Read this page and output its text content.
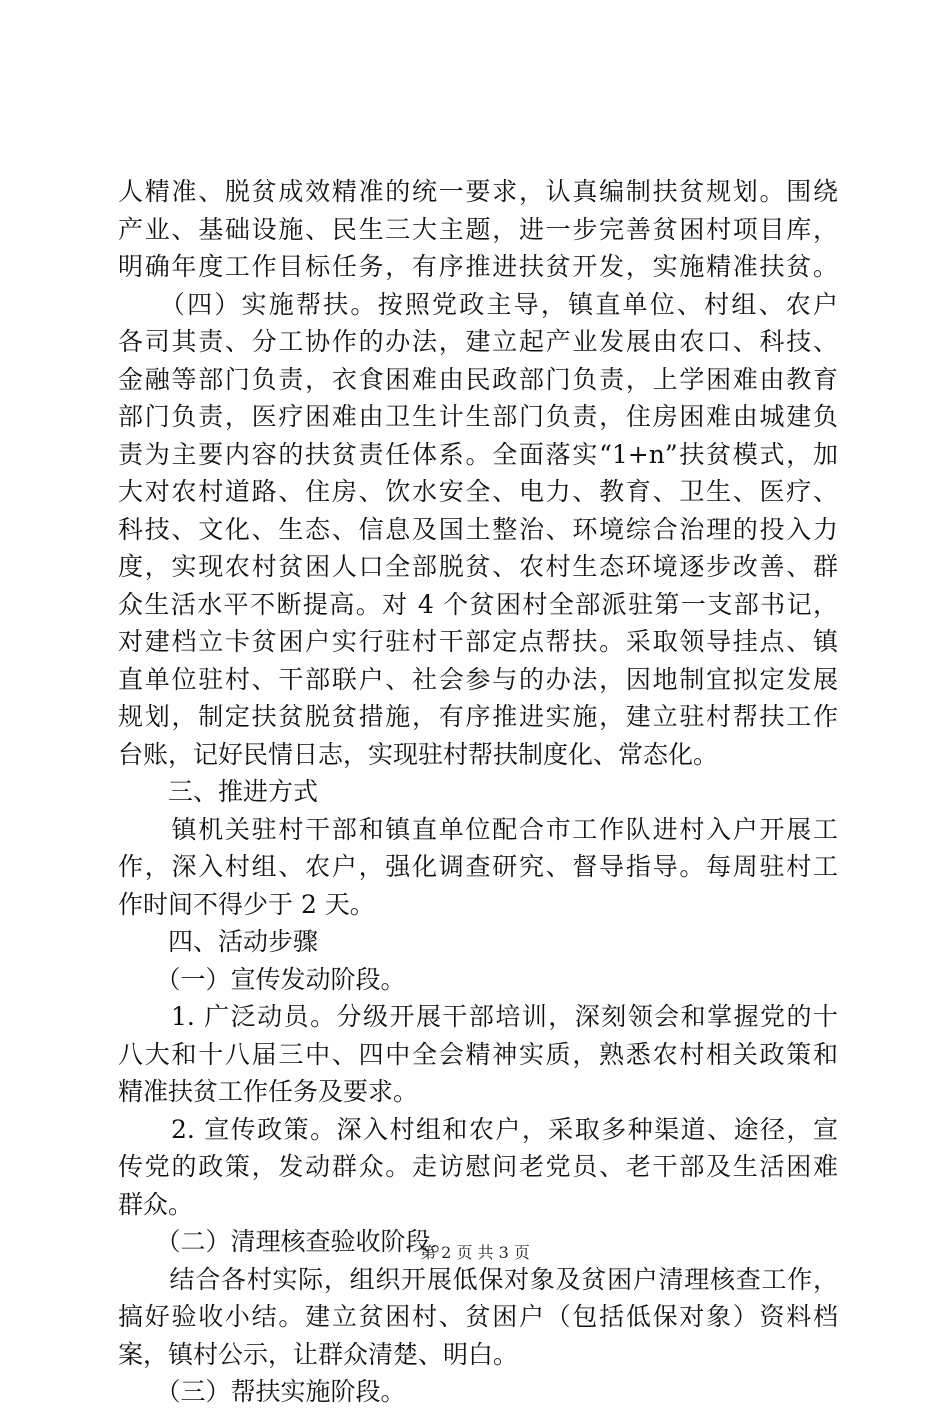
人精准、脱贫成效精准的统一要求，认真编制扶贫规划。围绕
产业、基础设施、民生三大主题，进一步完善贫困村项目库，
明确年度工作目标任务，有序推进扶贫开发，实施精准扶贫。
　　（四）实施帮扶。按照党政主导，镇直单位、村组、农户
各司其责、分工协作的办法，建立起产业发展由农口、科技、
金融等部门负责，衣食困难由民政部门负责，上学困难由教育
部门负责，医疗困难由卫生计生部门负责，住房困难由城建负
责为主要内容的扶贫责任体系。全面落实“1+n”扶贫模式，加
大对农村道路、住房、饮水安全、电力、教育、卫生、医疗、
科技、文化、生态、信息及国土整治、环境综合治理的投入力
度，实现农村贫困人口全部脱贫、农村生态环境逐步改善、群
众生活水平不断提高。对 4 个贫困村全部派驻第一支部书记，
对建档立卡贫困户实行驻村干部定点帮扶。采取领导挂点、镇
直单位驻村、干部联户、社会参与的办法，因地制宜拟定发展
规划，制定扶贫脱贫措施，有序推进实施，建立驻村帮扶工作
台账，记好民情日志，实现驻村帮扶制度化、常态化。
　　三、推进方式
　　镇机关驻村干部和镇直单位配合市工作队进村入户开展工
作，深入村组、农户，强化调查研究、督导指导。每周驻村工
作时间不得少于 2 天。
　　四、活动步骤
　　（一）宣传发动阶段。
　　1. 广泛动员。分级开展干部培训，深刻领会和掌握党的十
八大和十八届三中、四中全会精神实质，熟悉农村相关政策和
精准扶贫工作任务及要求。
　　2. 宣传政策。深入村组和农户，采取多种渠道、途径，宣
传党的政策，发动群众。走访慰问老党员、老干部及生活困难
群众。
　　（二）清理核查验收阶段。
　　结合各村实际，组织开展低保对象及贫困户清理核查工作，
搞好验收小结。建立贫困村、贫困户（包括低保对象）资料档
案，镇村公示，让群众清楚、明白。
　　（三）帮扶实施阶段。
第 2 页 共 3 页
